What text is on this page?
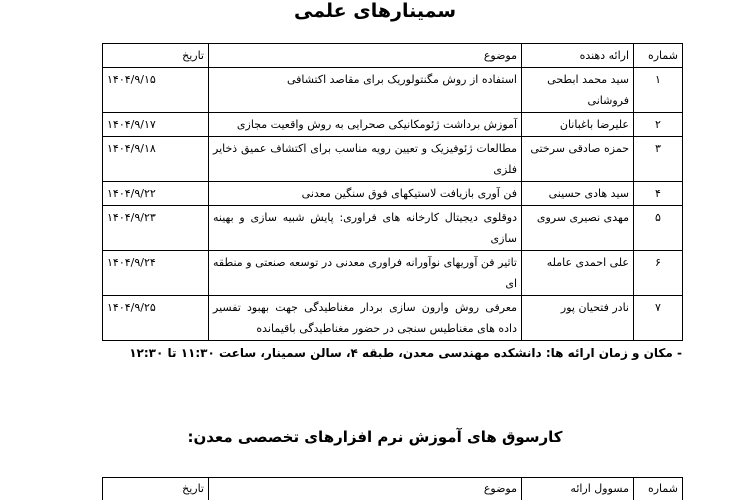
سمینارهای علمی
شماره	ارائه دهنده	موضوع	تاریخ
۱	سید محمد ابطحی فروشانی	استفاده از روش مگنتولوریک برای مقاصد اکتشافی	۱۴۰۴/۹/۱۵
۲	علیرضا باغبانان	آموزش برداشت ژئومکانیکی صحرایی به روش واقعیت مجازی	۱۴۰۴/۹/۱۷
۳	حمزه صادقی سرختی	مطالعات ژئوفیزیک و تعیین رویه مناسب برای اکتشاف عمیق ذخایر فلزی	۱۴۰۴/۹/۱۸
۴	سید هادی حسینی	فن آوری بازیافت لاستیکهای فوق سنگین معدنی	۱۴۰۴/۹/۲۲
۵	مهدی نصیری سروی	دوقلوی دیجیتال کارخانه های فراوری: پایش شبیه سازی و بهینه سازی	۱۴۰۴/۹/۲۳
۶	علی احمدی عامله	تاثیر فن آوریهای نوآورانه فراوری معدنی در توسعه صنعتی و منطقه ای	۱۴۰۴/۹/۲۴
۷	نادر فتحیان پور	معرفی روش وارون سازی بردار مغناطیدگی جهت بهبود تفسیر داده های مغناطیس سنجی در حضور مغناطیدگی باقیمانده	۱۴۰۴/۹/۲۵
- مکان و زمان ارائه ها: دانشکده مهندسی معدن، طبقه ۴، سالن سمینار، ساعت ۱۱:۳۰ تا ۱۲:۳۰
کارسوق های آموزش نرم افزارهای تخصصی معدن:
شماره	مسوول ارائه	موضوع	تاریخ
